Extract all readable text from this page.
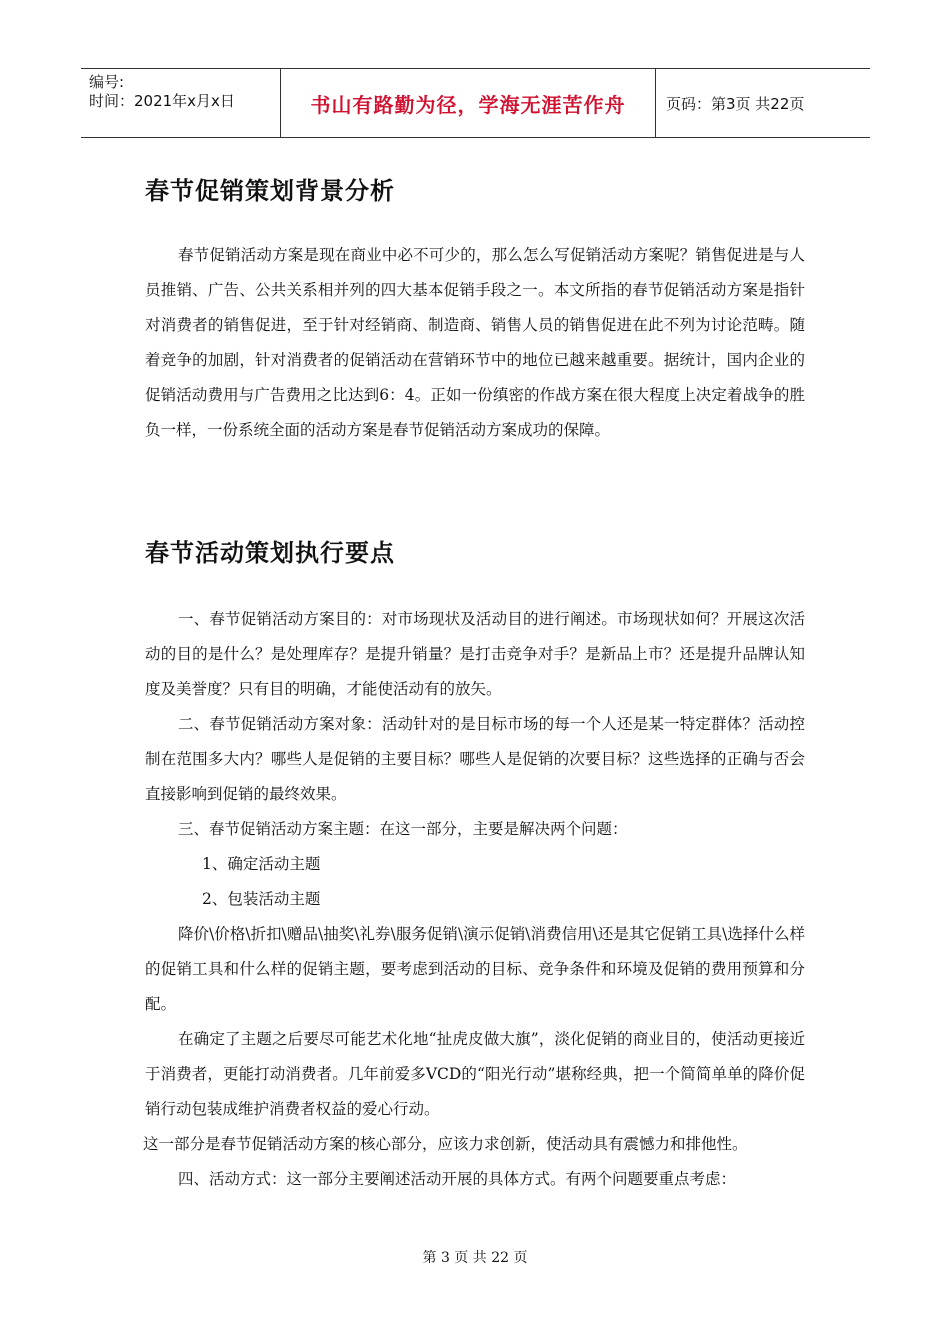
编号:
时间：2021年x月x日	书山有路勤为径，学海无涯苦作舟	页码：第3页 共22页
春节促销策划背景分析

春节促销活动方案是现在商业中必不可少的，那么怎么写促销活动方案呢？销售促进是与人员推销、广告、公共关系相并列的四大基本促销手段之一。本文所指的春节促销活动方案是指针对消费者的销售促进，至于针对经销商、制造商、销售人员的销售促进在此不列为讨论范畴。随着竞争的加剧，针对消费者的促销活动在营销环节中的地位已越来越重要。据统计，国内企业的促销活动费用与广告费用之比达到6：4。正如一份缜密的作战方案在很大程度上决定着战争的胜负一样，一份系统全面的活动方案是春节促销活动方案成功的保障。

春节活动策划执行要点

一、春节促销活动方案目的：对市场现状及活动目的进行阐述。市场现状如何？开展这次活动的目的是什么？是处理库存？是提升销量？是打击竞争对手？是新品上市？还是提升品牌认知度及美誉度？只有目的明确，才能使活动有的放矢。

二、春节促销活动方案对象：活动针对的是目标市场的每一个人还是某一特定群体？活动控制在范围多大内？哪些人是促销的主要目标？哪些人是促销的次要目标？这些选择的正确与否会直接影响到促销的最终效果。

三、春节促销活动方案主题：在这一部分，主要是解决两个问题：

1、确定活动主题

2、包装活动主题

降价\价格\折扣\赠品\抽奖\礼券\服务促销\演示促销\消费信用\还是其它促销工具\选择什么样的促销工具和什么样的促销主题，要考虑到活动的目标、竞争条件和环境及促销的费用预算和分配。

在确定了主题之后要尽可能艺术化地“扯虎皮做大旗”，淡化促销的商业目的，使活动更接近于消费者，更能打动消费者。几年前爱多VCD的“阳光行动”堪称经典，把一个简简单单的降价促销行动包装成维护消费者权益的爱心行动。

这一部分是春节促销活动方案的核心部分，应该力求创新，使活动具有震憾力和排他性。

四、活动方式：这一部分主要阐述活动开展的具体方式。有两个问题要重点考虑：

第 3 页 共 22 页
